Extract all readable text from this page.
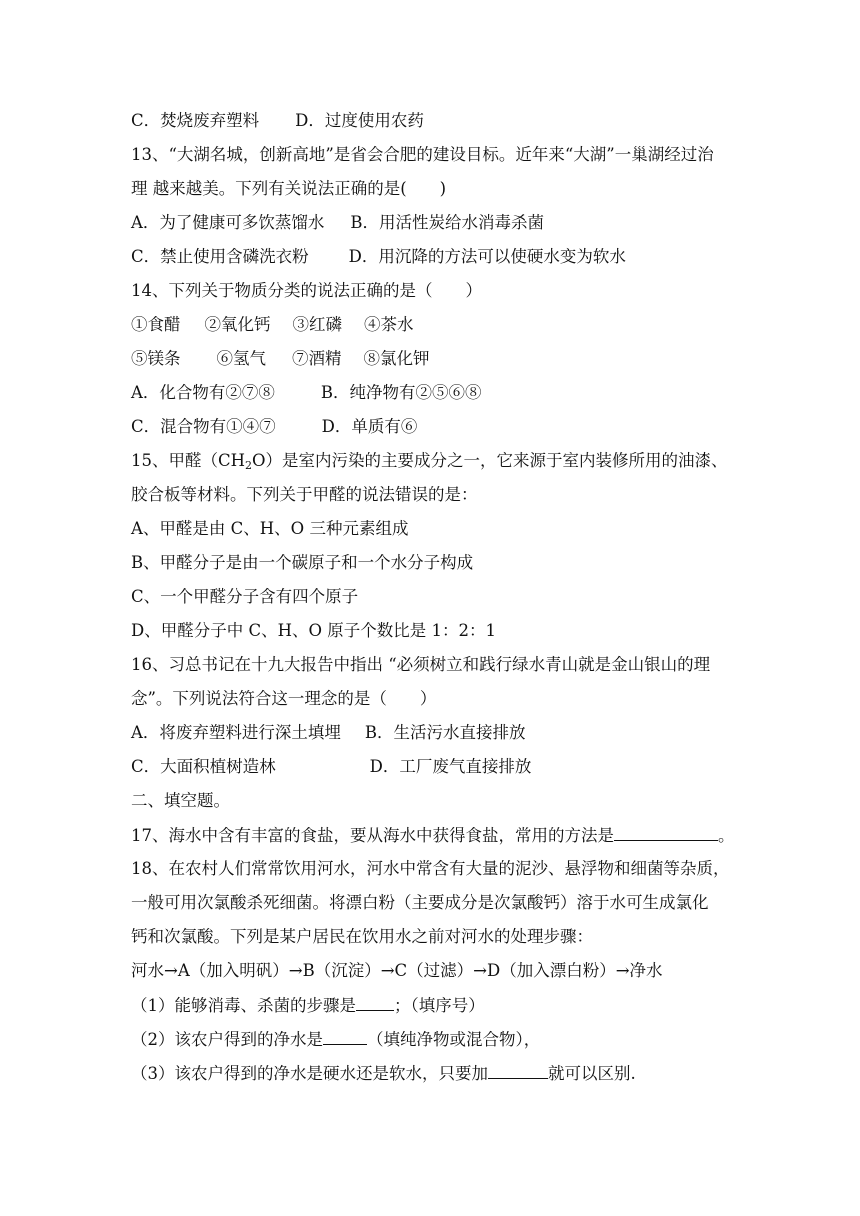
C．焚烧废弃塑料 D．过度使用农药
13、“大湖名城，创新高地”是省会合肥的建设目标。近年来“大湖”一巢湖经过治
理 越来越美。下列有关说法正确的是(　　)
A．为了健康可多饮蒸馏水 B．用活性炭给水消毒杀菌
C．禁止使用含磷洗衣粉 D．用沉降的方法可以使硬水变为软水
14、下列关于物质分类的说法正确的是（　　）
①食醋 ②氧化钙 ③红磷 ④茶水
⑤镁条 ⑥氢气 ⑦酒精 ⑧氯化钾
A．化合物有②⑦⑧	B．纯净物有②⑤⑥⑧
C．混合物有①④⑦	D．单质有⑥
15、甲醛$(CH_2O)$是室内污染的主要成分之一，它来源于室内装修所用的油漆、
胶合板等材料。下列关于甲醛的说法错误的是：
A、甲醛是由 C、H、O 三种元素组成
B、甲醛分子是由一个碳原子和一个水分子构成
C、一个甲醛分子含有四个原子
D、甲醛分子中 C、H、O 原子个数比是 1：2：1
16、习总书记在十九大报告中指出 “必须树立和践行绿水青山就是金山银山的理
念”。下列说法符合这一理念的是（　　）
A．将废弃塑料进行深土填埋 B．生活污水直接排放
C．大面积植树造林	D．工厂废气直接排放
二、填空题。
17、海水中含有丰富的食盐，要从海水中获得食盐，常用的方法是	。
18、在农村人们常常饮用河水，河水中常含有大量的泥沙、悬浮物和细菌等杂质，
一般可用次氯酸杀死细菌。将漂白粉（主要成分是次氯酸钙）溶于水可生成氯化
钙和次氯酸。下列是某户居民在饮用水之前对河水的处理步骤：
河水→A（加入明矾）→B（沉淀）→C（过滤）→D（加入漂白粉）→净水
（1）能够消毒、杀菌的步骤是 ；（填序号）
（2）该农户得到的净水是	（填纯净物或混合物），
（3）该农户得到的净水是硬水还是软水，只要加	就可以区别.
